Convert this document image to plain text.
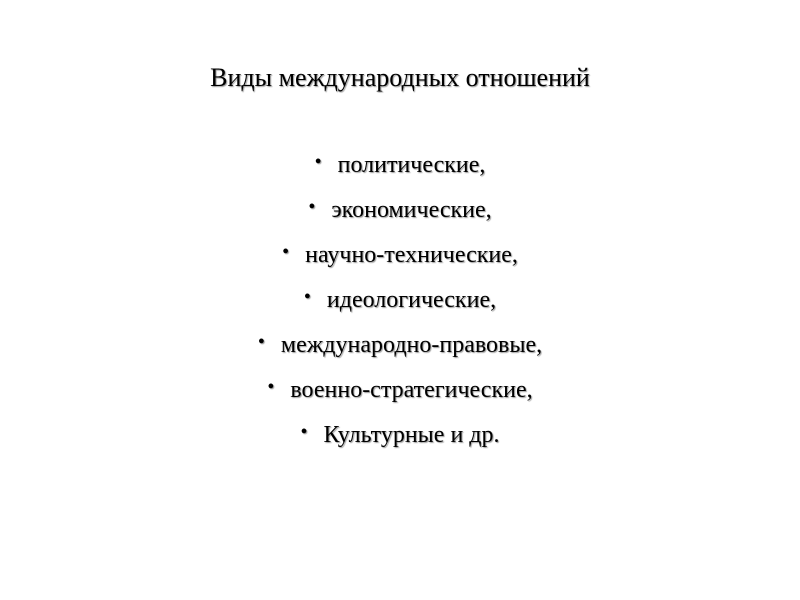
Виды международных отношений
• политические,
• экономические,
• научно-технические,
• идеологические,
• международно-правовые,
• военно-стратегические,
• Культурные и др.
